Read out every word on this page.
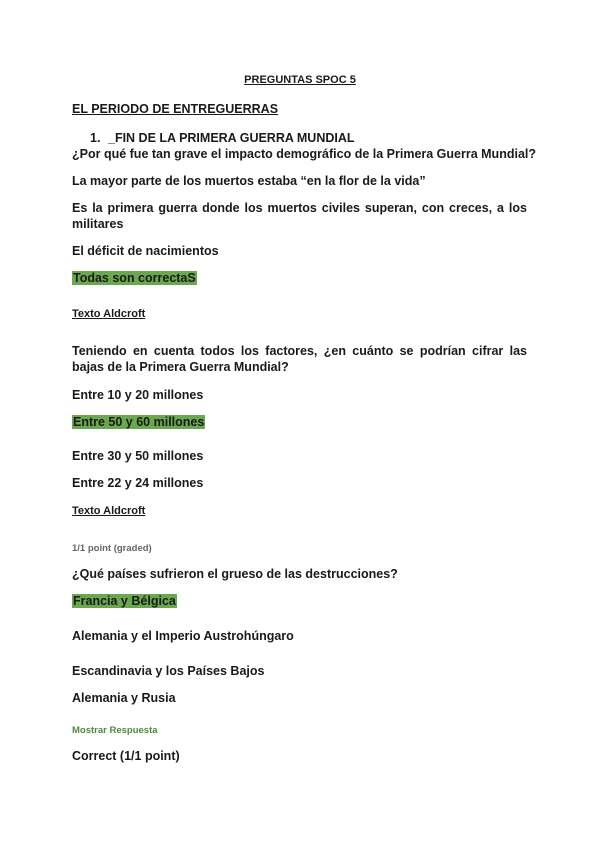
PREGUNTAS SPOC 5
EL PERIODO DE ENTREGUERRAS
1. _FIN DE LA PRIMERA GUERRA MUNDIAL
¿Por qué fue tan grave el impacto demográfico de la Primera Guerra Mundial?
La mayor parte de los muertos estaba “en la flor de la vida”
Es la primera guerra donde los muertos civiles superan, con creces, a los militares
El déficit de nacimientos
Todas son correctaS
Texto Aldcroft
Teniendo en cuenta todos los factores, ¿en cuánto se podrían cifrar las bajas de la Primera Guerra Mundial?
Entre 10 y 20 millones
Entre 50 y 60 millones
Entre 30 y 50 millones
Entre 22 y 24 millones
Texto Aldcroft
1/1 point (graded)
¿Qué países sufrieron el grueso de las destrucciones?
Francia y Bélgica
Alemania y el Imperio Austrohúngaro
Escandinavia y los Países Bajos
Alemania y Rusia
Mostrar Respuesta
Correct (1/1 point)
